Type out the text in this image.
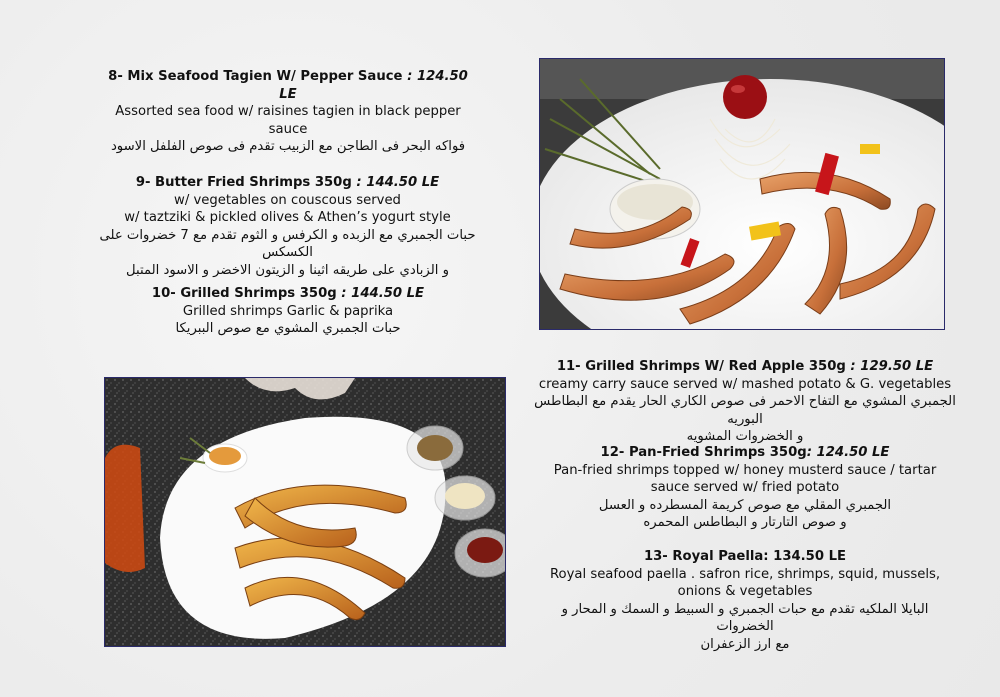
8- Mix Seafood Tagien W/ Pepper Sauce : 124.50 LE
Assorted sea food w/ raisines tagien in black pepper
sauce
فواكه البحر فى الطاجن مع الزبيب تقدم فى صوص الفلفل الاسود
9- Butter Fried Shrimps 350g : 144.50 LE
w/ vegetables on couscous served
w/ taztziki & pickled olives & Athen’s yogurt style
حبات الجمبري مع الزبده و الكرفس و الثوم تقدم مع 7 خضروات على الكسكس
و الزبادي على طريقه اثينا و الزيتون الاخضر و الاسود المتبل
10- Grilled Shrimps 350g : 144.50 LE
Grilled shrimps Garlic & paprika
حبات الجمبري المشوي مع صوص الببريكا
11- Grilled Shrimps W/ Red Apple 350g : 129.50 LE
creamy carry sauce served w/ mashed potato & G. vegetables
الجمبري المشوي مع التفاح الاحمر فى صوص الكاري الحار يقدم مع البطاطس البوريه
و الخضروات المشويه
12- Pan-Fried Shrimps 350g: 124.50 LE
Pan-fried shrimps topped w/ honey musterd sauce / tartar
sauce served w/ fried potato
الجمبري المقلي مع صوص كريمة المسطرده و العسل
و صوص التارتار و البطاطس المحمره
13- Royal Paella: 134.50 LE
Royal seafood paella . safron rice, shrimps, squid, mussels,
onions & vegetables
البايلا الملكيه تقدم مع حبات الجمبري و السبيط و السمك و المحار و الخضروات
مع ارز الزعفران
